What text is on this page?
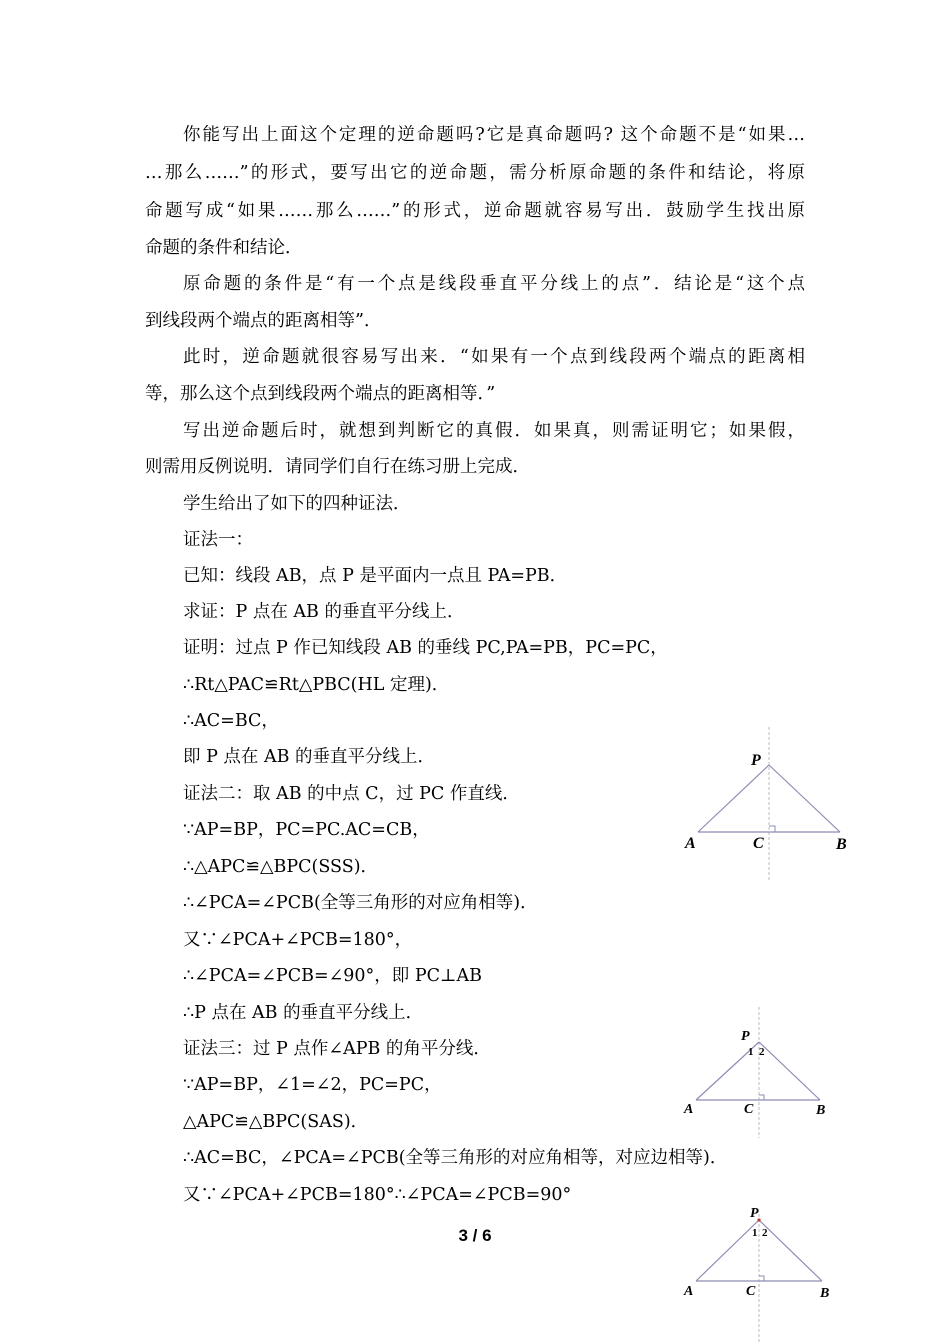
你能写出上面这个定理的逆命题吗?它是真命题吗? 这个命题不是“如果…
…那么……”的形式，要写出它的逆命题，需分析原命题的条件和结论，将原
命题写成“如果……那么……”的形式，逆命题就容易写出．鼓励学生找出原
命题的条件和结论．
原命题的条件是“有一个点是线段垂直平分线上的点”．结论是“这个点
到线段两个端点的距离相等”．
此时，逆命题就很容易写出来．“如果有一个点到线段两个端点的距离相
等，那么这个点到线段两个端点的距离相等．”
写出逆命题后时，就想到判断它的真假．如果真，则需证明它；如果假，
则需用反例说明．请同学们自行在练习册上完成．
学生给出了如下的四种证法．
证法一：
已知：线段 AB，点 P 是平面内一点且 PA=PB．
求证：P 点在 AB 的垂直平分线上．
证明：过点 P 作已知线段 AB 的垂线 PC,PA=PB，PC=PC，
∴Rt△PAC≌Rt△PBC(HL 定理)．
∴AC=BC，
即 P 点在 AB 的垂直平分线上．
证法二：取 AB 的中点 C，过 PC 作直线．
∵AP=BP，PC=PC.AC=CB，
∴△APC≌△BPC(SSS)．
∴∠PCA=∠PCB(全等三角形的对应角相等)．
又∵∠PCA+∠PCB=180°，
∴∠PCA=∠PCB=∠90°，即 PC⊥AB
∴P 点在 AB 的垂直平分线上．
证法三：过 P 点作∠APB 的角平分线．
∵AP=BP，∠1=∠2，PC=PC，
△APC≌△BPC(SAS)．
∴AC=BC，∠PCA=∠PCB(全等三角形的对应角相等，对应边相等)．
又∵∠PCA+∠PCB=180°∴∠PCA=∠PCB=90°
P
A	C	B
P
1 2
A	C	B
P
1 2
A	C	B
3 / 6
